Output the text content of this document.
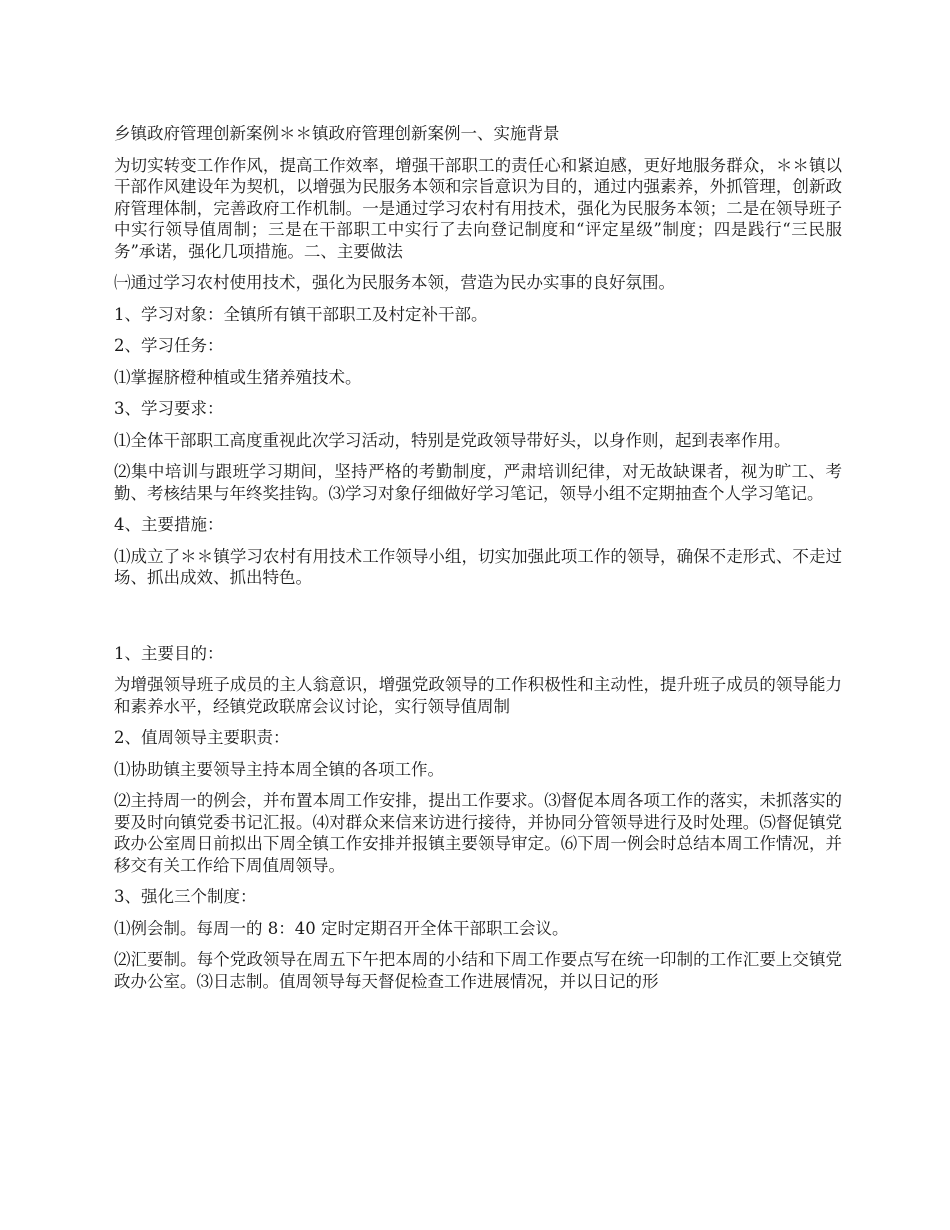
乡镇政府管理创新案例＊＊镇政府管理创新案例一、实施背景

为切实转变工作作风，提高工作效率，增强干部职工的责任心和紧迫感，更好地服务群众，＊＊镇以干部作风建设年为契机，以增强为民服务本领和宗旨意识为目的，通过内强素养，外抓管理，创新政府管理体制，完善政府工作机制。一是通过学习农村有用技术，强化为民服务本领；二是在领导班子中实行领导值周制；三是在干部职工中实行了去向登记制度和“评定星级”制度；四是践行“三民服务”承诺，强化几项措施。二、主要做法

㈠通过学习农村使用技术，强化为民服务本领，营造为民办实事的良好氛围。

1、学习对象：全镇所有镇干部职工及村定补干部。

2、学习任务：

⑴掌握脐橙种植或生猪养殖技术。

3、学习要求：

⑴全体干部职工高度重视此次学习活动，特别是党政领导带好头，以身作则，起到表率作用。

⑵集中培训与跟班学习期间，坚持严格的考勤制度，严肃培训纪律，对无故缺课者，视为旷工、考勤、考核结果与年终奖挂钩。⑶学习对象仔细做好学习笔记，领导小组不定期抽查个人学习笔记。

4、主要措施：

⑴成立了＊＊镇学习农村有用技术工作领导小组，切实加强此项工作的领导，确保不走形式、不走过场、抓出成效、抓出特色。

1、主要目的：

为增强领导班子成员的主人翁意识，增强党政领导的工作积极性和主动性，提升班子成员的领导能力和素养水平，经镇党政联席会议讨论，实行领导值周制

2、值周领导主要职责：

⑴协助镇主要领导主持本周全镇的各项工作。

⑵主持周一的例会，并布置本周工作安排，提出工作要求。⑶督促本周各项工作的落实，未抓落实的要及时向镇党委书记汇报。⑷对群众来信来访进行接待，并协同分管领导进行及时处理。⑸督促镇党政办公室周日前拟出下周全镇工作安排并报镇主要领导审定。⑹下周一例会时总结本周工作情况，并移交有关工作给下周值周领导。

3、强化三个制度：

⑴例会制。每周一的 8：40 定时定期召开全体干部职工会议。

⑵汇要制。每个党政领导在周五下午把本周的小结和下周工作要点写在统一印制的工作汇要上交镇党政办公室。⑶日志制。值周领导每天督促检查工作进展情况，并以日记的形
